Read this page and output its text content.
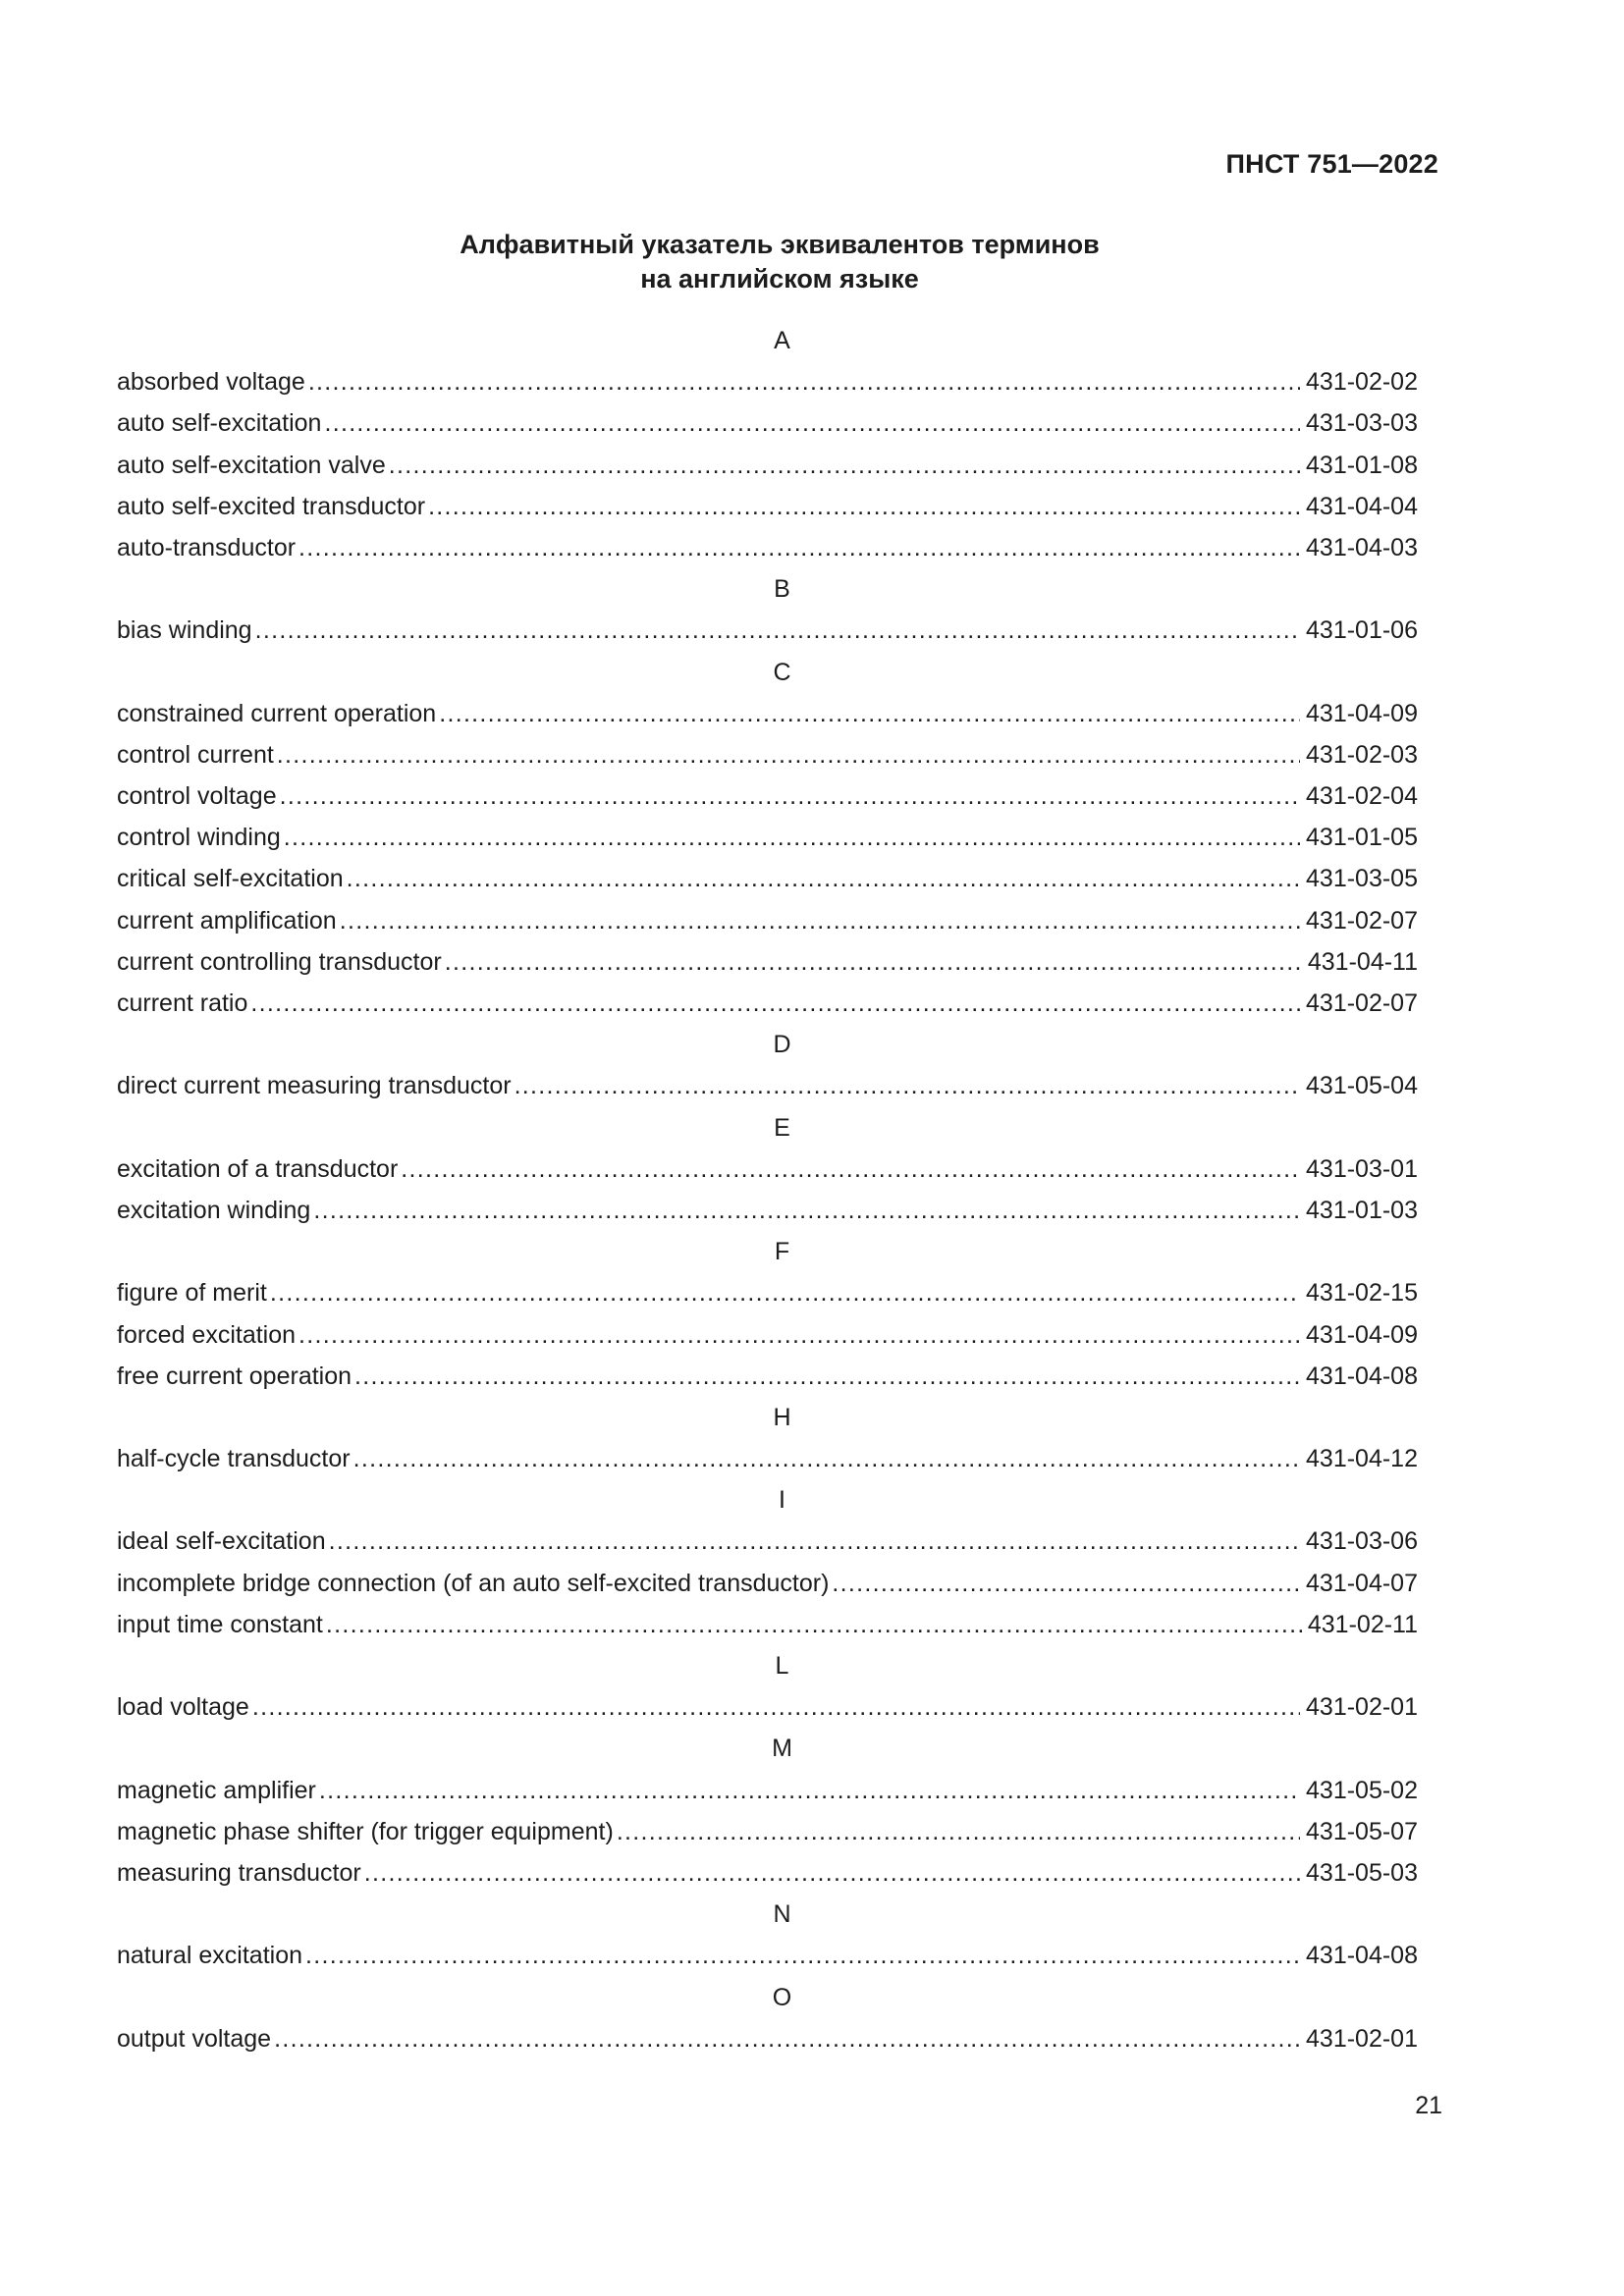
ПНСТ 751—2022
Алфавитный указатель эквивалентов терминов
на английском языке
A
absorbed voltage .....	431-02-02
auto self-excitation .....	431-03-03
auto self-excitation valve .....	431-01-08
auto self-excited transductor .....	431-04-04
auto-transductor .....	431-04-03
B
bias winding .....	431-01-06
C
constrained current operation .....	431-04-09
control current .....	431-02-03
control voltage .....	431-02-04
control winding .....	431-01-05
critical self-excitation .....	431-03-05
current amplification .....	431-02-07
current controlling transductor .....	431-04-11
current ratio .....	431-02-07
D
direct current measuring transductor .....	431-05-04
E
excitation of a transductor .....	431-03-01
excitation winding .....	431-01-03
F
figure of merit .....	431-02-15
forced excitation .....	431-04-09
free current operation .....	431-04-08
H
half-cycle transductor .....	431-04-12
I
ideal self-excitation .....	431-03-06
incomplete bridge connection (of an auto self-excited transductor) .....	431-04-07
input time constant .....	431-02-11
L
load voltage .....	431-02-01
M
magnetic amplifier .....	431-05-02
magnetic phase shifter (for trigger equipment) .....	431-05-07
measuring transductor .....	431-05-03
N
natural excitation .....	431-04-08
O
output voltage .....	431-02-01
21
